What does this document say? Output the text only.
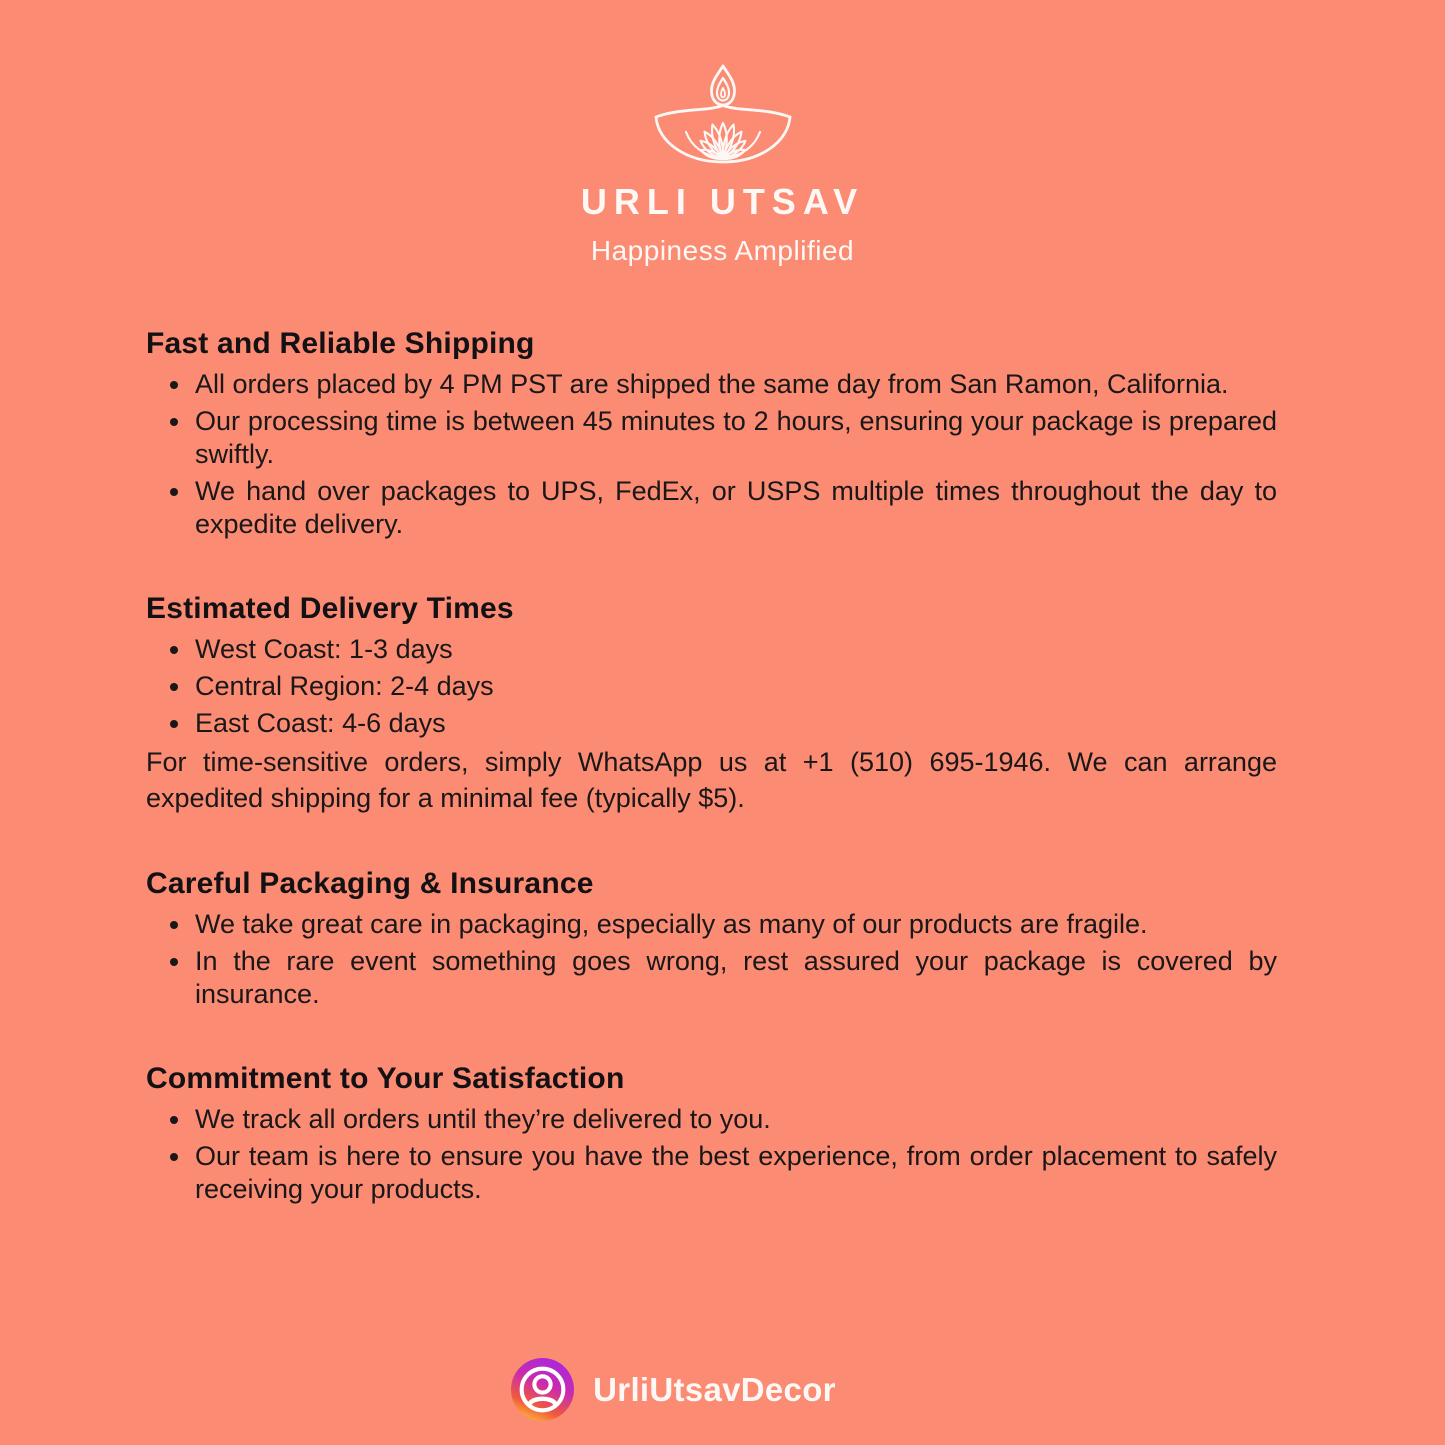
URLI UTSAV
Happiness Amplified
Fast and Reliable Shipping
• All orders placed by 4 PM PST are shipped the same day from San Ramon, California.
• Our processing time is between 45 minutes to 2 hours, ensuring your package is prepared swiftly.
• We hand over packages to UPS, FedEx, or USPS multiple times throughout the day to expedite delivery.
Estimated Delivery Times
• West Coast: 1-3 days
• Central Region: 2-4 days
• East Coast: 4-6 days

For time-sensitive orders, simply WhatsApp us at +1 (510) 695-1946. We can arrange expedited shipping for a minimal fee (typically $5).

Careful Packaging & Insurance
• We take great care in packaging, especially as many of our products are fragile.
• In the rare event something goes wrong, rest assured your package is covered by insurance.
Commitment to Your Satisfaction
• We track all orders until they’re delivered to you.
• Our team is here to ensure you have the best experience, from order placement to safely receiving your products.
UrliUtsavDecor
